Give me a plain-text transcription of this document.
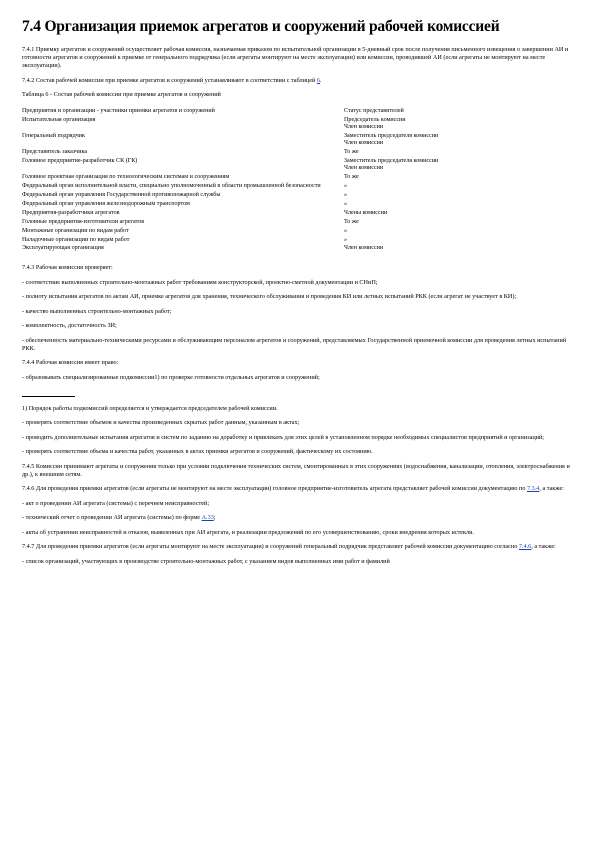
7.4 Организация приемок агрегатов и сооружений рабочей комиссией

7.4.1 Приемку агрегатов и сооружений осуществляет рабочая комиссия, назначаемая приказом по испытательной организации в 5-дневный срок после получения письменного извещения о завершении АИ и готовности агрегатов и сооружений к приемке от генерального подрядчика (если агрегаты монтируют на месте эксплуатации) или комиссии, проводившей АИ (если агрегаты не монтируют на месте эксплуатации).

7.4.2 Состав рабочей комиссии при приемке агрегатов и сооружений устанавливают в соответствии с таблицей 6.

Таблица 6 - Состав рабочей комиссии при приемке агрегатов и сооружений
Предприятия и организации - участники приемки агрегатов и сооружений	Статус представителей
Испытательная организация	Председатель комиссии
Член комиссии
Генеральный подрядчик	Заместитель председателя комиссии
Член комиссии
Представитель заказчика	То же
Головное предприятие-разработчик СК (ГК)	Заместитель председателя комиссии
Член комиссии
Головное проектная организация по технологическим системам и сооружениям	То же
Федеральный орган исполнительной власти, специально уполномоченный в области промышленной безопасности	»
Федеральный орган управления Государственной противопожарной службы	»
Федеральный орган управления железнодорожным транспортом	»
Предприятия-разработчики агрегатов	Члены комиссии
Головные предприятия-изготовители агрегатов	То же
Монтажные организации по видам работ	»
Наладочные организации по видам работ	»
Эксплуатирующая организация	Член комиссии

7.4.3 Рабочая комиссия проверяет:

- соответствие выполненных строительно-монтажных работ требованиям конструкторской, проектно-сметной документации и СНиП;

- полноту испытания агрегатов по актам АИ, приемке агрегатов для хранения, технического обслуживания и проведения КИ или летных испытаний РКК (если агрегат не участвует в КИ);

- качество выполненных строительно-монтажных работ;

- комплектность, достаточность ЗИ;

- обеспеченность материально-техническими ресурсами и обслуживающим персоналом агрегатов и сооружений, представляемых Государственной приемочной комиссии для проведения летных испытаний РКК.

7.4.4 Рабочая комиссия имеет право:

- образовывать специализированные подкомиссии1) по проверке готовности отдельных агрегатов и сооружений;

1) Порядок работы подкомиссий определяется и утверждается председателем рабочей комиссии.

- проверять соответствие объемов и качества произведенных скрытых работ данным, указанным в актах;

- проводить дополнительные испытания агрегатов и систем по заданию на доработку и привлекать для этих целей в установленном порядке необходимых специалистов предприятий и организаций;

- проверять соответствие объема и качества работ, указанных в актах приемки агрегатов и сооружений, фактическому их состоянию.

7.4.5 Комиссии принимают агрегаты и сооружения только при условии подключения технических систем, смонтированных в этих сооружениях (водоснабжения, канализации, отопления, электроснабжения и др.), к внешним сетям.

7.4.6 Для проведения приемки агрегатов (если агрегаты не монтируют на месте эксплуатации) головное предприятие-изготовитель агрегата представляет рабочей комиссии документацию по 7.3.4, а также:

- акт о проведении АИ агрегата (системы) с перечнем неисправностей;

- технический отчет о проведении АИ агрегата (системы) по форме А.33;

- акты об устранении неисправностей и отказов, выявленных при АИ агрегата, и реализации предложений по его усовершенствованию, сроки внедрения которых истекли.

7.4.7 Для проведения приемки агрегатов (если агрегаты монтируют на месте эксплуатации) и сооружений генеральный подрядчик представляет рабочей комиссии документацию согласно 7.4.6, а также:

- список организаций, участвующих в производстве строительно-монтажных работ, с указанием видов выполненных ими работ и фамилий
